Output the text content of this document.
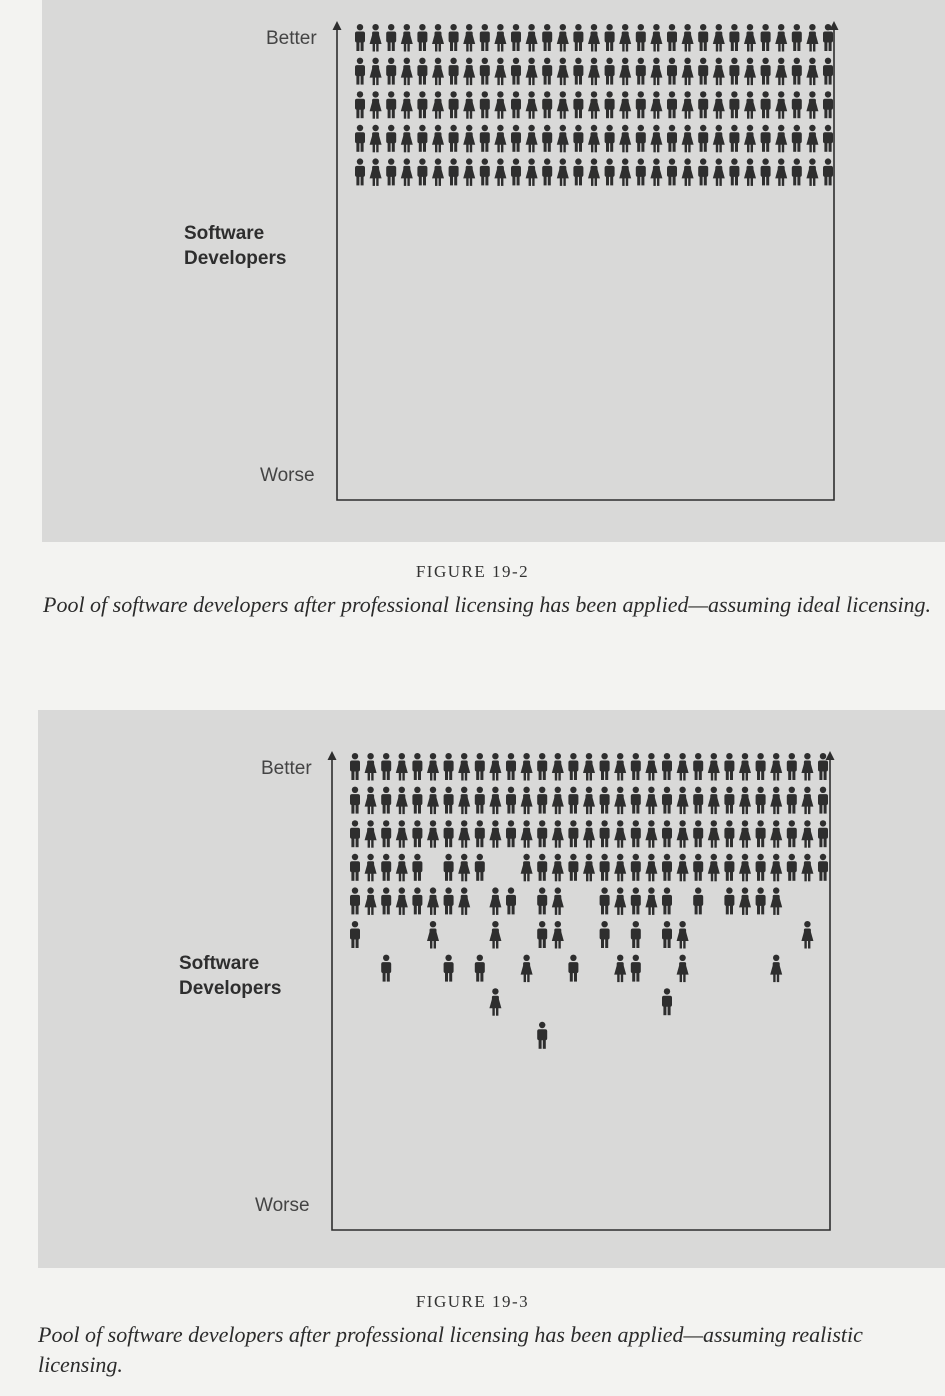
Better
Worse
Software
Developers
FIGURE 19-2
Pool of software developers after professional licensing has been applied—assuming ideal licensing.
Better
Worse
Software
Developers
FIGURE 19-3
Pool of software developers after professional licensing has been applied—assuming realistic licensing.
